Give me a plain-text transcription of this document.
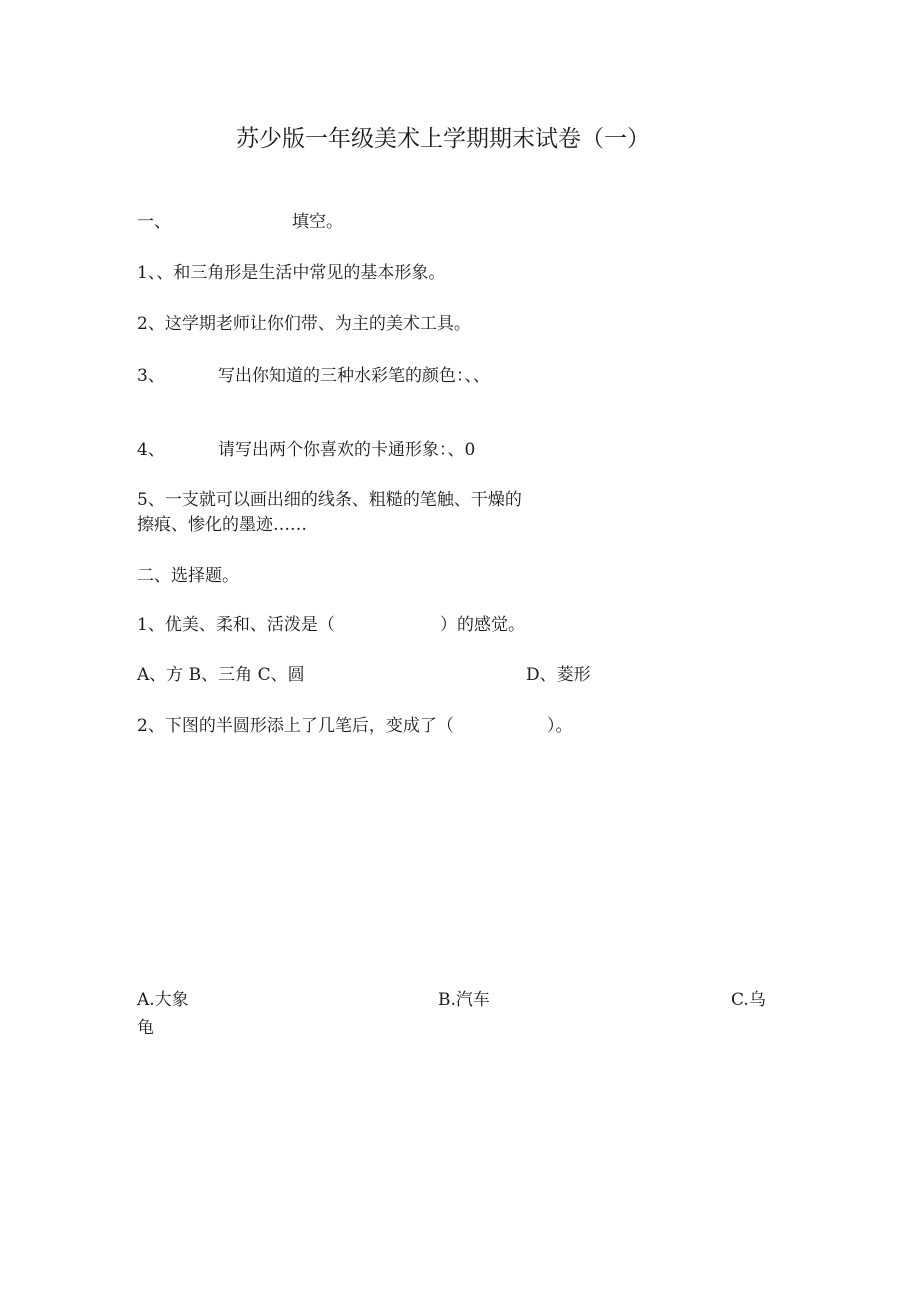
苏少版一年级美术上学期期末试卷（一）
一、	填空。
1、、和三角形是生活中常见的基本形象。
2、这学期老师让你们带、为主的美术工具。
3、	写出你知道的三种水彩笔的颜色：、、
4、	请写出两个你喜欢的卡通形象：、0
5、一支就可以画出细的线条、粗糙的笔触、干燥的
擦痕、惨化的墨迹……
二、选择题。
1、优美、柔和、活泼是（	）的感觉。
A、方 B、三角 C、圆	D、菱形
2、下图的半圆形添上了几笔后，变成了（	）。
A.大象	B.汽车	C.乌
龟
